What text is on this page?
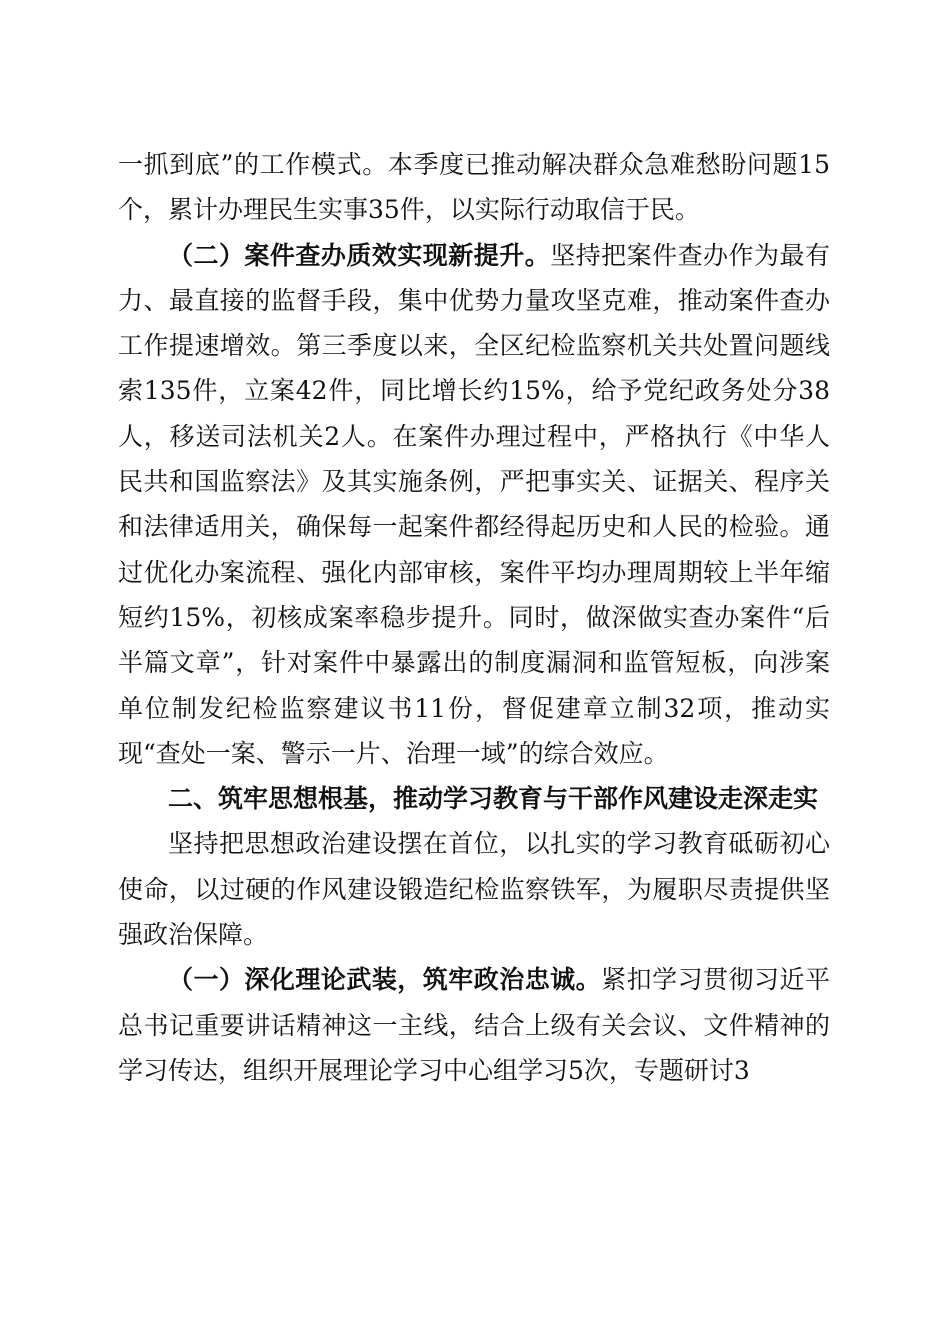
一抓到底”的工作模式。本季度已推动解决群众急难愁盼问题15个，累计办理民生实事35件，以实际行动取信于民。

（二）案件查办质效实现新提升。坚持把案件查办作为最有力、最直接的监督手段，集中优势力量攻坚克难，推动案件查办工作提速增效。第三季度以来，全区纪检监察机关共处置问题线索135件，立案42件，同比增长约15%，给予党纪政务处分38人，移送司法机关2人。在案件办理过程中，严格执行《中华人民共和国监察法》及其实施条例，严把事实关、证据关、程序关和法律适用关，确保每一起案件都经得起历史和人民的检验。通过优化办案流程、强化内部审核，案件平均办理周期较上半年缩短约15%，初核成案率稳步提升。同时，做深做实查办案件“后半篇文章”，针对案件中暴露出的制度漏洞和监管短板，向涉案单位制发纪检监察建议书11份，督促建章立制32项，推动实现“查处一案、警示一片、治理一域”的综合效应。

二、筑牢思想根基，推动学习教育与干部作风建设走深走实

坚持把思想政治建设摆在首位，以扎实的学习教育砥砺初心使命，以过硬的作风建设锻造纪检监察铁军，为履职尽责提供坚强政治保障。

（一）深化理论武装，筑牢政治忠诚。紧扣学习贯彻习近平总书记重要讲话精神这一主线，结合上级有关会议、文件精神的学习传达，组织开展理论学习中心组学习5次，专题研讨3
